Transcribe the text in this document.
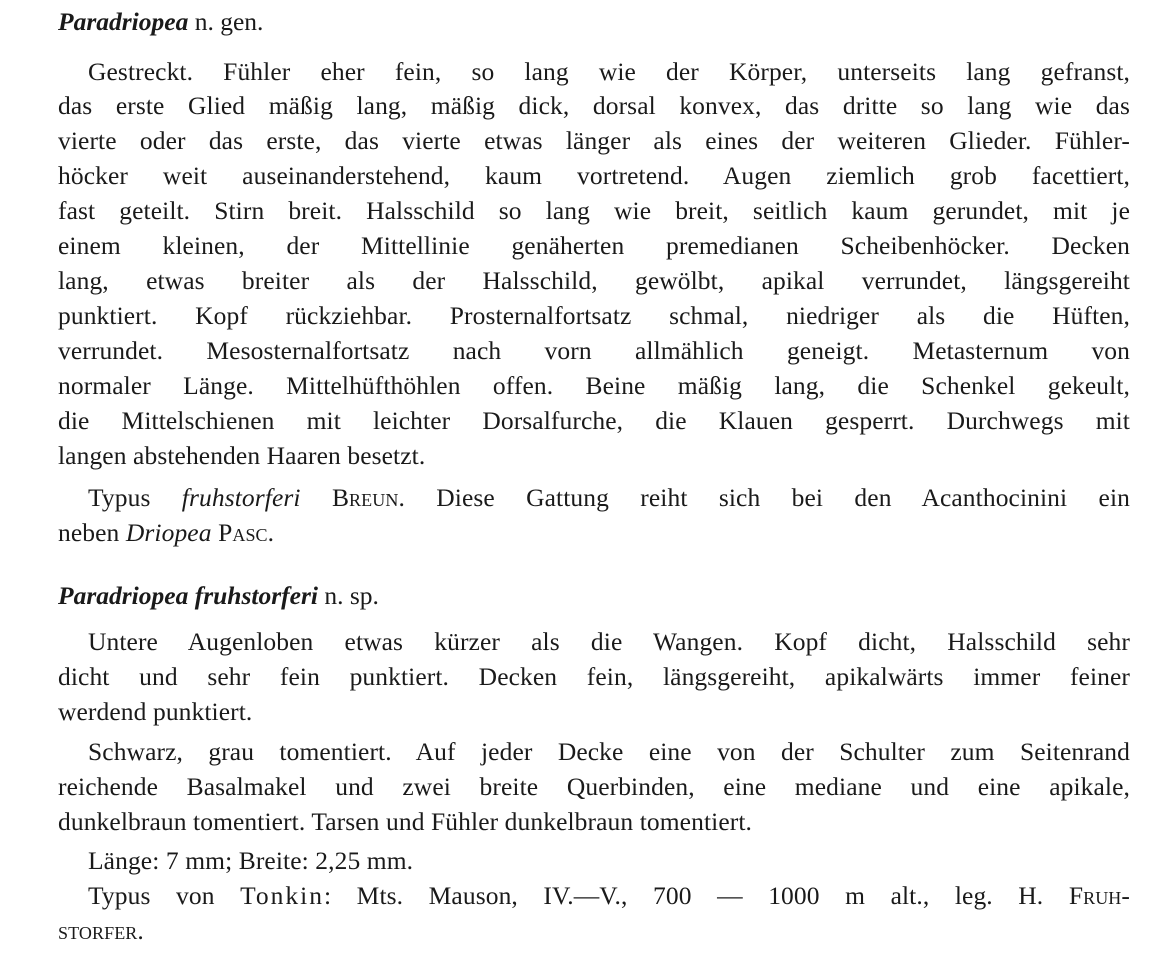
Paradriopea n. gen.
Gestreckt. Fühler eher fein, so lang wie der Körper, unterseits lang gefranst,
das erste Glied mäßig lang, mäßig dick, dorsal konvex, das dritte so lang wie das
vierte oder das erste, das vierte etwas länger als eines der weiteren Glieder. Fühler-
höcker weit auseinanderstehend, kaum vortretend. Augen ziemlich grob facettiert,
fast geteilt. Stirn breit. Halsschild so lang wie breit, seitlich kaum gerundet, mit je
einem kleinen, der Mittellinie genäherten premedianen Scheibenhöcker. Decken
lang, etwas breiter als der Halsschild, gewölbt, apikal verrundet, längsgereiht
punktiert. Kopf rückziehbar. Prosternalfortsatz schmal, niedriger als die Hüften,
verrundet. Mesosternalfortsatz nach vorn allmählich geneigt. Metasternum von
normaler Länge. Mittelhüfthöhlen offen. Beine mäßig lang, die Schenkel gekeult,
die Mittelschienen mit leichter Dorsalfurche, die Klauen gesperrt. Durchwegs mit
langen abstehenden Haaren besetzt.
Typus fruhstorferi Breun. Diese Gattung reiht sich bei den Acanthocinini ein
neben Driopea Pasc.
Paradriopea fruhstorferi n. sp.
Untere Augenloben etwas kürzer als die Wangen. Kopf dicht, Halsschild sehr
dicht und sehr fein punktiert. Decken fein, längsgereiht, apikalwärts immer feiner
werdend punktiert.
Schwarz, grau tomentiert. Auf jeder Decke eine von der Schulter zum Seitenrand
reichende Basalmakel und zwei breite Querbinden, eine mediane und eine apikale,
dunkelbraun tomentiert. Tarsen und Fühler dunkelbraun tomentiert.
Länge: 7 mm; Breite: 2,25 mm.
Typus von Tonkin: Mts. Mauson, IV.—V., 700 — 1000 m alt., leg. H. Fruh-
storfer.
